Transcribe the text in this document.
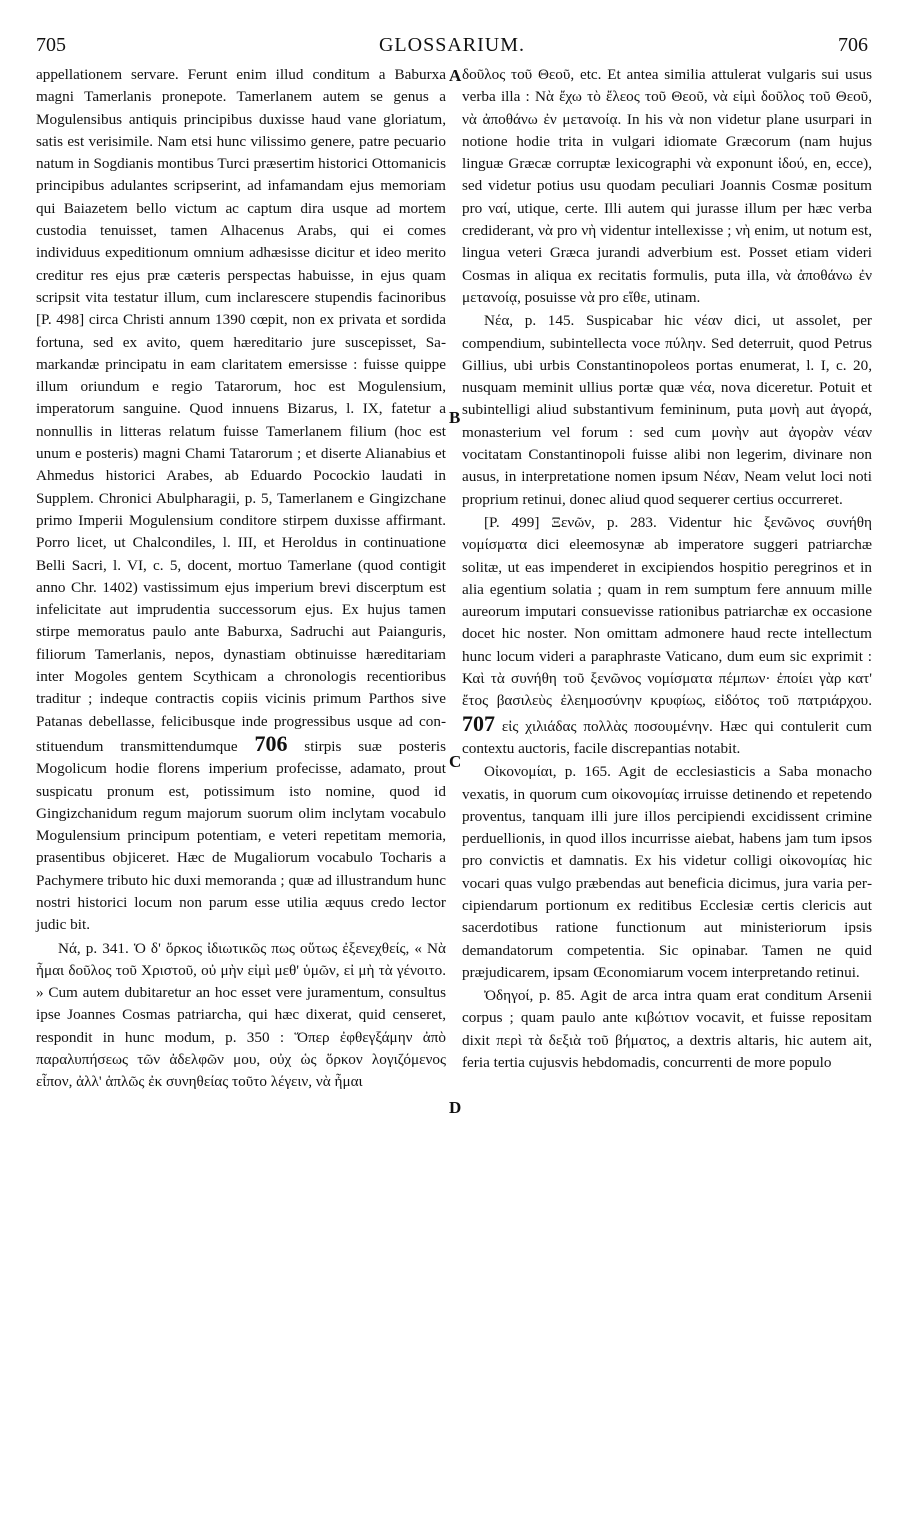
705	GLOSSARIUM.	706
A
B
C
D

appellationem servare. Ferunt enim illud conditum a Baburxa magni Tamerlanis pronepote. Tamerlanem autem se genus a Mogulensibus antiquis principibus duxisse haud vane gloriatum, satis est verisimile. Nam etsi hunc vilissimo genere, patre pecuario natum in Sogdianis montibus Turci præsertim historici Ottomanicis principibus adulantes scripserint, ad infamandam ejus memoriam qui Baiazetem bello victum ac captum dira usque ad mortem custodia tenuisset, tamen Alhacenus Arabs, qui ei comes individuus expeditionum omnium adhæsisse dicitur et ideo merito creditur res ejus præ cæteris perspectas habuisse, in ejus quam scripsit vita testatur illum, cum inclarescere stupendis facinoribus [P. 498] circa Christi annum 1390 cœpit, non ex privata et sordida fortuna, sed ex avito, quem hæreditario jure suscepisset, Samarkandæ principatu in eam claritatem emersisse : fuisse quippe illum oriundum e regio Tatarorum, hoc est Mogulensium, imperatorum sanguine. Quod innuens Bizarus, l. IX, fatetur a nonnullis in litteras relatum fuisse Tamerlanem filium (hoc est unum e posteris) magni Chami Tatarorum ; et diserte Alianabius et Ahmedus historici Arabes, ab Eduardo Pocockio laudati in Supplem. Chronici Abulpharagii, p. 5, Tamerlanem e Gingizchane primo Imperii Mogulensium conditore stirpem duxisse affirmant. Porro licet, ut Chalcondiles, l. III, et Heroldus in continuatione Belli Sacri, l. VI, c. 5, docent, mortuo Tamerlane (quod contigit anno Chr. 1402) vastissimum ejus imperium brevi discerptum est infelicitate aut imprudentia successorum ejus. Ex hujus tamen stirpe memoratus paulo ante Baburxa, Sadruchi aut Paianguris, filiorum Tamerlanis, nepos, dynastiam obtinuisse hæreditariam inter Mogoles gentem Scythicam a chronologis recentioribus traditur ; indeque contractis copiis vicinis primum Parthos sive Patanas debellasse, felicibusque inde progressibus usque ad constituendum transmittendumque 706 stirpis suæ posteris Mogolicum hodie florens imperium profecisse, adamato, prout suspicatu pronum est, potissimum isto nomine, quod id Gingizchanidum regum majorum suorum olim inclytam vocabulo Mogulensium principum potentiam, e veteri repetitam memoria, prasentibus objiceret. Hæc de Mugaliorum vocabulo Tocharis a Pachymere tributo hic duxi memoranda ; quæ ad illustrandum hunc nostri historici locum non parum esse utilia æquus credo lector judic bit.

Νά, p. 341. Ὁ δ' ὅρκος ἰδιωτικῶς πως οὕτως ἐξενεχθείς, « Νὰ ἦμαι δοῦλος τοῦ Χριστοῦ, οὐ μὴν εἰμὶ μεθ' ὑμῶν, εἰ μὴ τὰ γένοιτο. » Cum autem dubitaretur an hoc esset vere juramentum, consultus ipse Joannes Cosmas patriarcha, qui hæc dixerat, quid censeret, respondit in hunc modum, p. 350 : Ὅπερ ἐφθεγξάμην ἀπὸ παραλυπήσεως τῶν ἀδελφῶν μου, οὐχ ὡς ὅρκον λογιζόμενος εἶπον, ἀλλ' ἁπλῶς ἐκ συνηθείας τοῦτο λέγειν, νὰ ἦμαι

δοῦλος τοῦ Θεοῦ, etc. Et antea similia attulerat vulgaris sui usus verba illa : Νὰ ἔχω τὸ ἔλεος τοῦ Θεοῦ, νὰ εἰμὶ δοῦλος τοῦ Θεοῦ, νὰ ἀποθάνω ἐν μετανοίᾳ. In his νὰ non videtur plane usurpari in notione hodie trita in vulgari idiomate Græcorum (nam hujus linguæ Græcæ corruptæ lexicographi νὰ exponunt ἰδού, en, ecce), sed videtur potius usu quodam peculiari Joannis Cosmæ positum pro ναί, utique, certe. Illi autem qui jurasse illum per hæc verba crediderant, νὰ pro νὴ videntur intellexisse ; νὴ enim, ut notum est, lingua veteri Græca jurandi adverbium est. Posset etiam videri Cosmas in aliqua ex recitatis formulis, puta illa, νὰ ἀποθάνω ἐν μετανοίᾳ, posuisse νὰ pro εἴθε, utinam.

Νέα, p. 145. Suspicabar hic νέαν dici, ut assolet, per compendium, subintellecta voce πύλην. Sed deterruit, quod Petrus Gillius, ubi urbis Constantinopoleos portas enumerat, l. I, c. 20, nusquam meminit ullius portæ quæ νέα, nova diceretur. Potuit et subintelligi aliud substantivum femininum, puta μονὴ aut ἀγορά, monasterium vel forum : sed cum μονὴν aut ἀγορὰν νέαν vocitatam Constantinopoli fuisse alibi non legerim, divinare non ausus, in interpretatione nomen ipsum Νέαν, Neam velut loci noti proprium retinui, donec aliud quod sequerer certius occurreret.

[P. 499] Ξενῶν, p. 283. Videntur hic ξενῶνος συνήθη νομίσματα dici eleemosynæ ab imperatore suggeri patriarchæ solitæ, ut eas impenderet in excipiendos hospitio peregrinos et in alia egentium solatia ; quam in rem sumptum fere annuum mille aureorum imputari consuevisse rationibus patriarchæ ex occasione docet hic noster. Non omittam admonere haud recte intellectum hunc locum videri a paraphraste Vaticano, dum eum sic exprimit : Καὶ τὰ συνήθη τοῦ ξενῶνος νομίσματα πέμπων· ἐποίει γὰρ κατ' ἔτος βασιλεὺς ἐλεημοσύνην κρυφίως, εἰδότος τοῦ πατριάρχου. 707 εἰς χιλιάδας πολλὰς ποσουμένην. Hæc qui contulerit cum contextu auctoris, facile discrepantias notabit.

Οἰκονομίαι, p. 165. Agit de ecclesiasticis a Saba monacho vexatis, in quorum cum οἰκονομίας irruisse detinendo et repetendo proventus, tanquam illi jure illos percipiendi excidissent crimine perduellionis, in quod illos incurrisse aiebat, habens jam tum ipsos pro convictis et damnatis. Ex his videtur colligi οἰκονομίας hic vocari quas vulgo præbendas aut beneficia dicimus, jura varia percipiendarum portionum ex reditibus Ecclesiæ certis clericis aut sacerdotibus ratione functionum aut ministeriorum ipsis demandatorum competentia. Sic opinabar. Tamen ne quid præjudicarem, ipsam Œconomiarum vocem interpretando retinui.

Ὀδηγοί, p. 85. Agit de arca intra quam erat conditum Arsenii corpus ; quam paulo ante κιβώτιον vocavit, et fuisse repositam dixit περὶ τὰ δεξιὰ τοῦ βήματος, a dextris altaris, hic autem ait, feria tertia cujusvis hebdomadis, concurrenti de more populo
